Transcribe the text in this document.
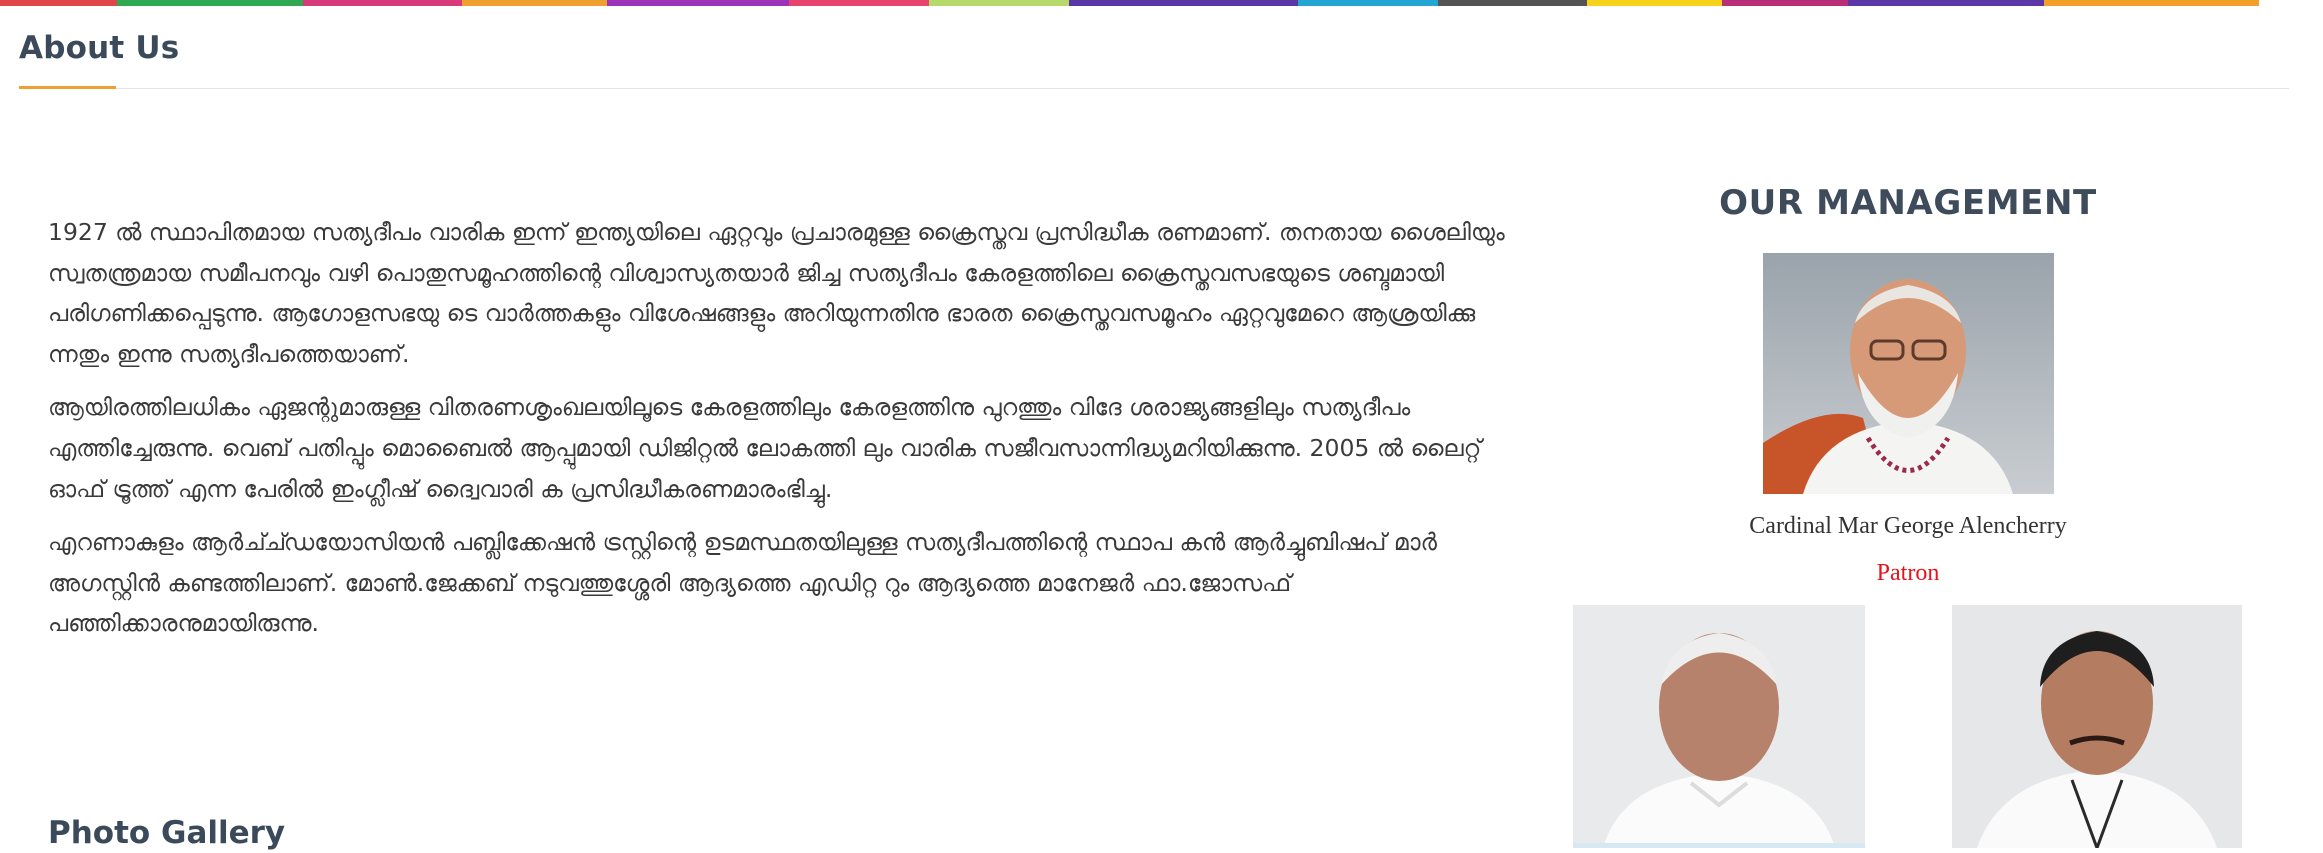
About Us

1927 ൽ സ്ഥാപിതമായ സത്യദീപം വാരിക ഇന്ന് ഇന്ത്യയിലെ ഏറ്റവും പ്രചാരമുള്ള ക്രൈസ്തവ പ്രസിദ്ധീക രണമാണ്. തനതായ ശൈലിയും സ്വതന്ത്രമായ സമീപനവും വഴി പൊതുസമൂഹത്തിന്റെ വിശ്വാസ്യതയാർ ജിച്ച സത്യദീപം കേരളത്തിലെ ക്രൈസ്തവസഭയുടെ ശബ്ദമായി പരിഗണിക്കപ്പെടുന്നു. ആഗോളസഭയു ടെ വാർത്തകളും വിശേഷങ്ങളും അറിയുന്നതിനു ഭാരത ക്രൈസ്തവസമൂഹം ഏറ്റവുമേറെ ആശ്രയിക്കു ന്നതും ഇന്നു സത്യദീപത്തെയാണ്.

ആയിരത്തിലധികം ഏജന്റുമാരുള്ള വിതരണശൃംഖലയിലൂടെ കേരളത്തിലും കേരളത്തിനു പുറത്തും വിദേ ശരാജ്യങ്ങളിലും സത്യദീപം എത്തിച്ചേരുന്നു. വെബ് പതിപ്പും മൊബൈൽ ആപ്പുമായി ഡിജിറ്റൽ ലോകത്തി ലും വാരിക സജീവസാന്നിദ്ധ്യമറിയിക്കുന്നു. 2005 ൽ ലൈറ്റ് ഓഫ് ട്രൂത്ത് എന്ന പേരിൽ ഇംഗ്ലീഷ് ദ്വൈവാരി ക പ്രസിദ്ധീകരണമാരംഭിച്ചു.

എറണാകുളം ആർച്ച്ഡയോസിയൻ പബ്ലിക്കേഷൻ ട്രസ്റ്റിന്റെ ഉടമസ്ഥതയിലുള്ള സത്യദീപത്തിന്റെ സ്ഥാപ കൻ ആർച്ചുബിഷപ് മാർ അഗസ്റ്റിൻ കണ്ടത്തിലാണ്. മോൺ.ജേക്കബ് നടുവത്തുശ്ശേരി ആദ്യത്തെ എഡിറ്റ റും ആദ്യത്തെ മാനേജർ ഫാ.ജോസഫ് പഞ്ഞിക്കാരനുമായിരുന്നു.

Photo Gallery
OUR MANAGEMENT
Cardinal Mar George Alencherry
Patron
